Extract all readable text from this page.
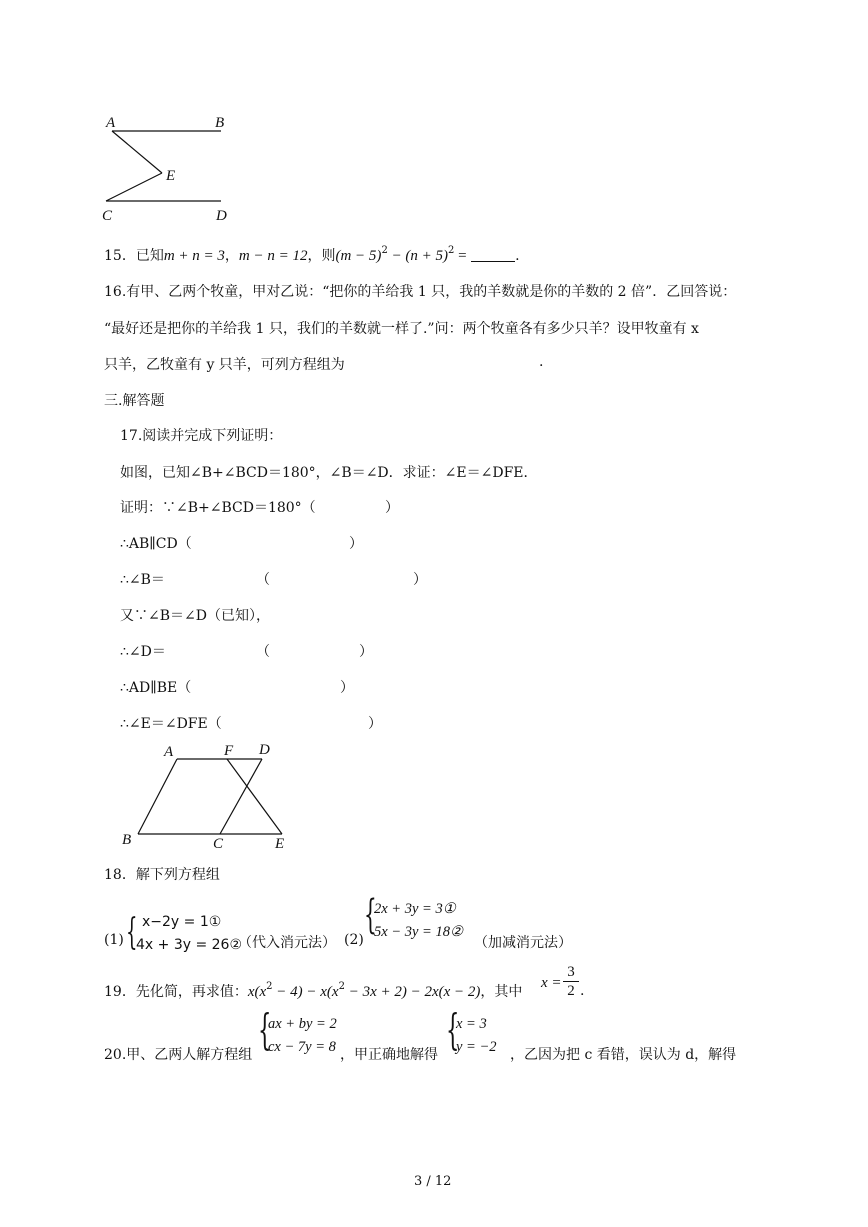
A	B
E
C	D
15．已知m + n = 3，m − n = 12，则$(m - 5)^2 - (n + 5)^2$ =	.
16.有甲、乙两个牧童，甲对乙说：“把你的羊给我 1 只，我的羊数就是你的羊数的 2 倍”．乙回答说：
“最好还是把你的羊给我 1 只，我们的羊数就一样了.”问：两个牧童各有多少只羊？设甲牧童有 x
只羊，乙牧童有 y 只羊，可列方程组为	.
三.解答题
17.阅读并完成下列证明：
如图，已知∠B+∠BCD＝180°，∠B＝∠D．求证：∠E＝∠DFE．
证明：∵∠B+∠BCD＝180°（	）
∴AB∥CD（	）
∴∠B＝	（	）
又∵∠B＝∠D（已知），
∴∠D＝	（	）
∴AD∥BE（	）
∴∠E＝∠DFE（	）
A	F D
B	C	E
18．解下列方程组
(1) { x−2y = 1①
4x + 3y = 26②
（代入消元法） (2)
{
2x + 3y = 3①
5x − 3y = 18②
（加减消元法）
19．先化简，再求值：$x(x^2 - 4) - x(x^2 - 3x + 2) - 2x(x - 2)$，其中
$x = \frac{3}{2}$ .
20.甲、乙两人解方程组
{
ax + by = 2
cx − 7y = 8 ，甲正确地解得
{
x = 3
y = −2 ，乙因为把 c 看错，误认为 d，解得
3 / 12
